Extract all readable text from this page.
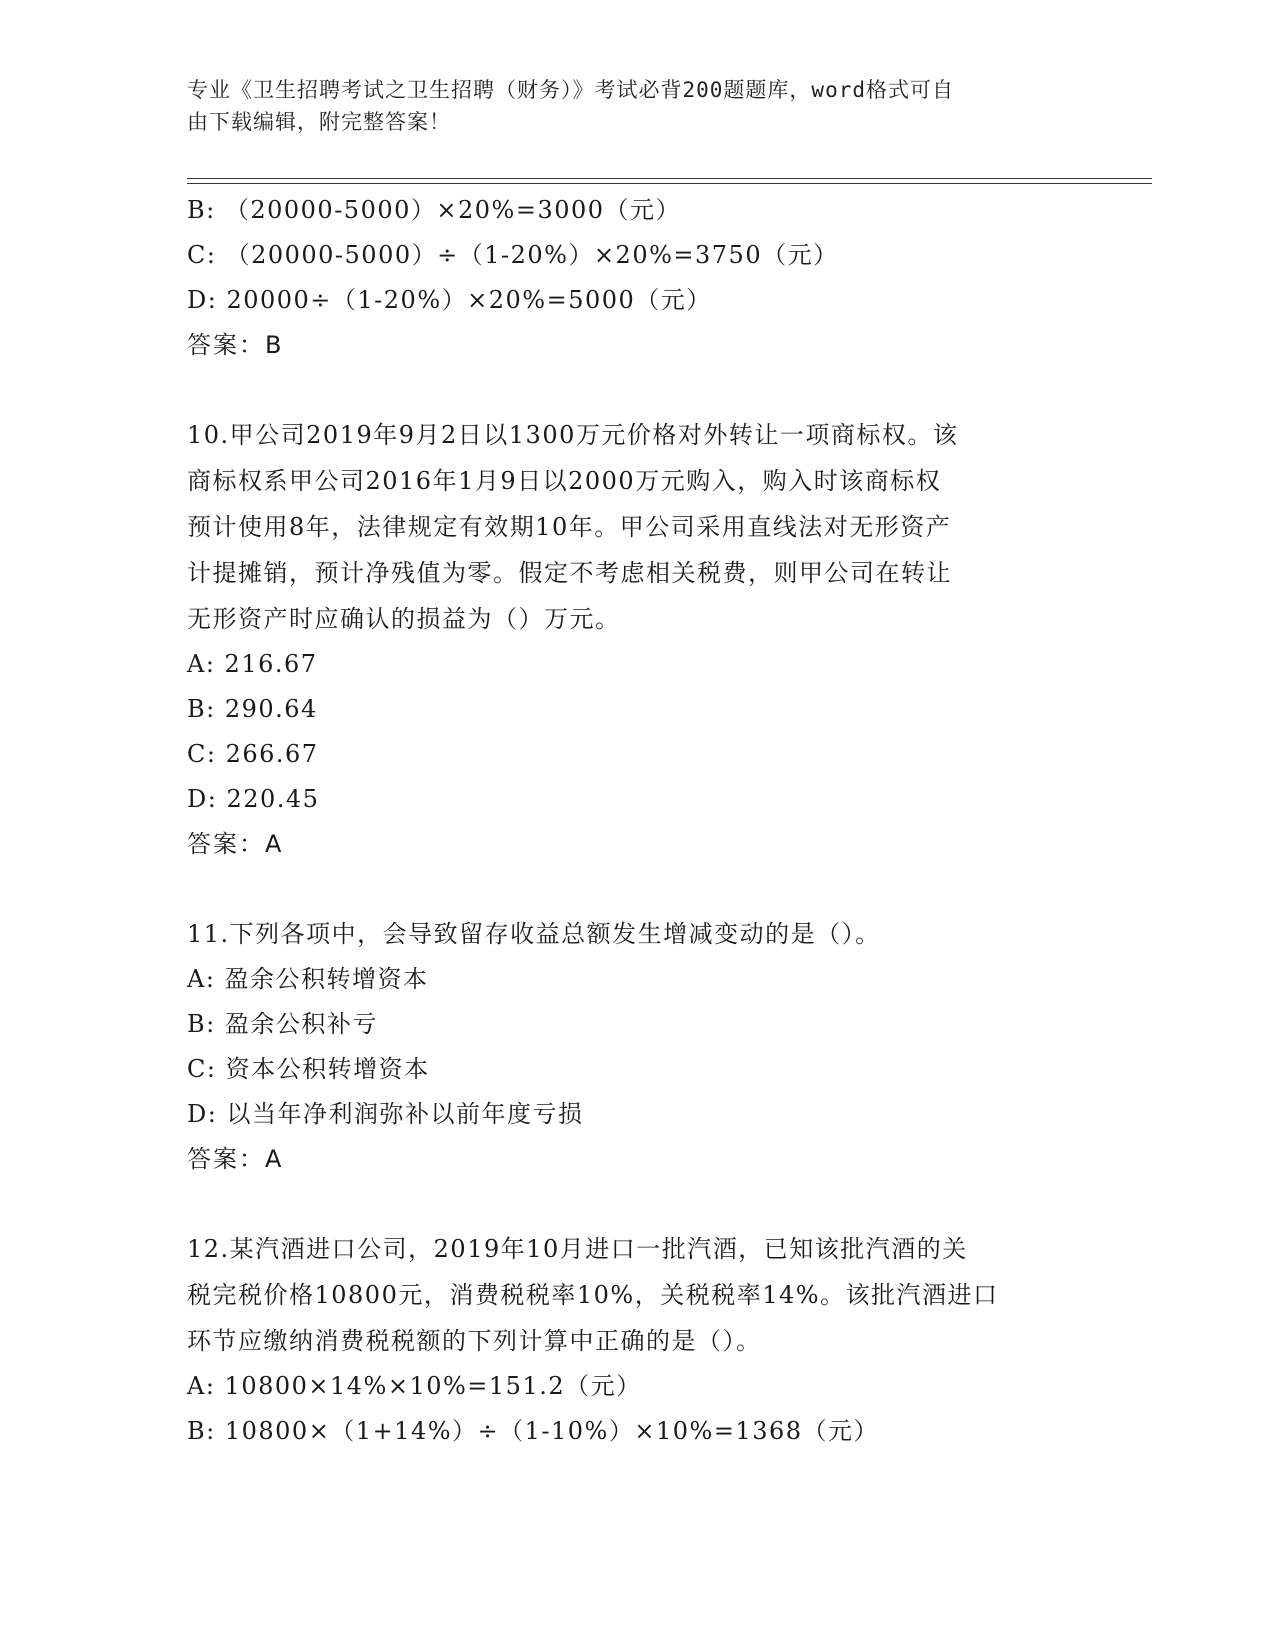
专业《卫生招聘考试之卫生招聘（财务）》考试必背200题题库，word格式可自
由下载编辑，附完整答案！
B: （20000-5000）×20%=3000（元）
C: （20000-5000）÷（1-20%）×20%=3750（元）
D: 20000÷（1-20%）×20%=5000（元）
答案：B
10.甲公司2019年9月2日以1300万元价格对外转让一项商标权。该
商标权系甲公司2016年1月9日以2000万元购入，购入时该商标权
预计使用8年，法律规定有效期10年。甲公司采用直线法对无形资产
计提摊销，预计净残值为零。假定不考虑相关税费，则甲公司在转让
无形资产时应确认的损益为（）万元。
A: 216.67
B: 290.64
C: 266.67
D: 220.45
答案：A
11.下列各项中，会导致留存收益总额发生增减变动的是（）。
A: 盈余公积转增资本
B: 盈余公积补亏
C: 资本公积转增资本
D: 以当年净利润弥补以前年度亏损
答案：A
12.某汽酒进口公司，2019年10月进口一批汽酒，已知该批汽酒的关
税完税价格10800元，消费税税率10%，关税税率14%。该批汽酒进口
环节应缴纳消费税税额的下列计算中正确的是（）。
A: 10800×14%×10%=151.2（元）
B: 10800×（1+14%）÷（1-10%）×10%=1368（元）
